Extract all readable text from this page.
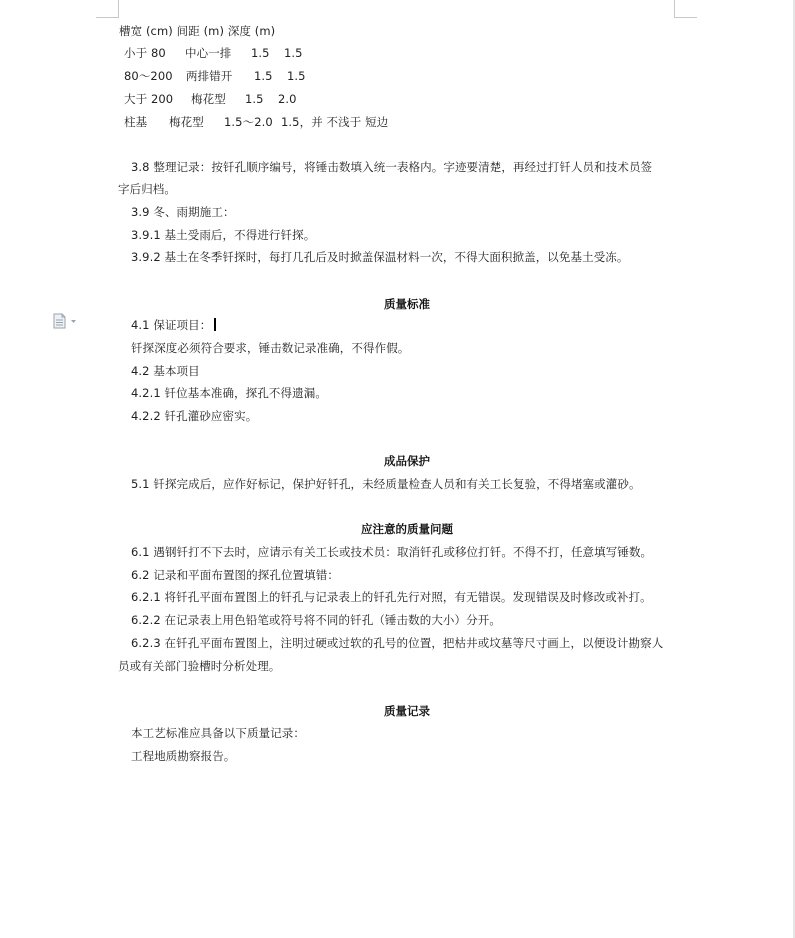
槽宽 (cm) 间距 (m) 深度 (m)
小于 80 中心一排 1.5 1.5
80～200 两排错开 1.5 1.5
大于 200 梅花型 1.5 2.0
柱基 梅花型 1.5～2.0 1.5，并 不浅于 短边
3.8 整理记录：按钎孔顺序编号，将锤击数填入统一表格内。字迹要清楚，再经过打钎人员和技术员签
字后归档。
3.9 冬、雨期施工：
3.9.1 基土受雨后，不得进行钎探。
3.9.2 基土在冬季钎探时，每打几孔后及时掀盖保温材料一次，不得大面积掀盖，以免基土受冻。
质量标准
4.1 保证项目：
钎探深度必须符合要求，锤击数记录准确，不得作假。
4.2 基本项目
4.2.1 钎位基本准确，探孔不得遗漏。
4.2.2 钎孔灌砂应密实。
成品保护
5.1 钎探完成后，应作好标记，保护好钎孔，未经质量检查人员和有关工长复验，不得堵塞或灌砂。
应注意的质量问题
6.1 遇钢钎打不下去时，应请示有关工长或技术员：取消钎孔或移位打钎。不得不打，任意填写锤数。
6.2 记录和平面布置图的探孔位置填错：
6.2.1 将钎孔平面布置图上的钎孔与记录表上的钎孔先行对照，有无错误。发现错误及时修改或补打。
6.2.2 在记录表上用色铅笔或符号将不同的钎孔（锤击数的大小）分开。
6.2.3 在钎孔平面布置图上，注明过硬或过软的孔号的位置，把枯井或坟墓等尺寸画上，以便设计勘察人
员或有关部门验槽时分析处理。
质量记录
本工艺标准应具备以下质量记录：
工程地质勘察报告。
